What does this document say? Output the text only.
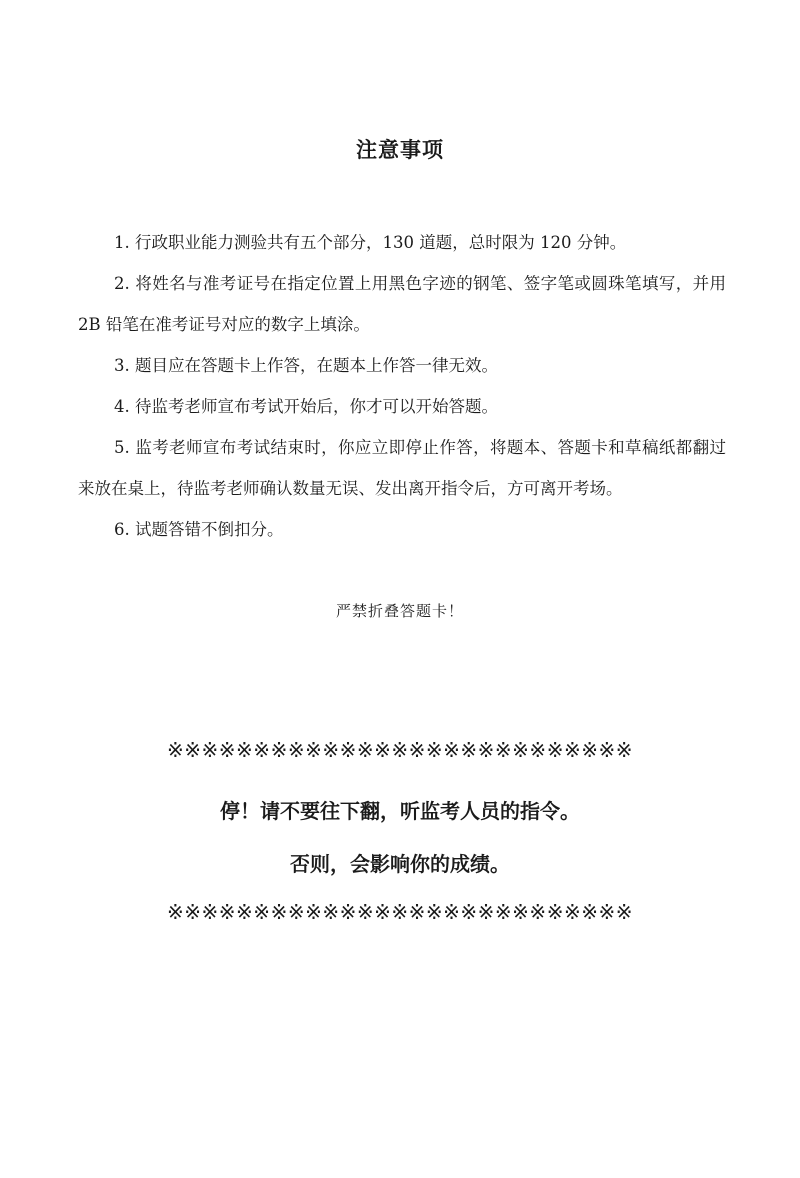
注意事项

1. 行政职业能力测验共有五个部分，130 道题，总时限为 120 分钟。

2. 将姓名与准考证号在指定位置上用黑色字迹的钢笔、签字笔或圆珠笔填写，并用 2B 铅笔在准考证号对应的数字上填涂。

3. 题目应在答题卡上作答，在题本上作答一律无效。

4. 待监考老师宣布考试开始后，你才可以开始答题。

5. 监考老师宣布考试结束时，你应立即停止作答，将题本、答题卡和草稿纸都翻过来放在桌上，待监考老师确认数量无误、发出离开指令后，方可离开考场。

6. 试题答错不倒扣分。

严禁折叠答题卡！
※※※※※※※※※※※※※※※※※※※※※※※※※※※
停！请不要往下翻，听监考人员的指令。
否则，会影响你的成绩。
※※※※※※※※※※※※※※※※※※※※※※※※※※※
